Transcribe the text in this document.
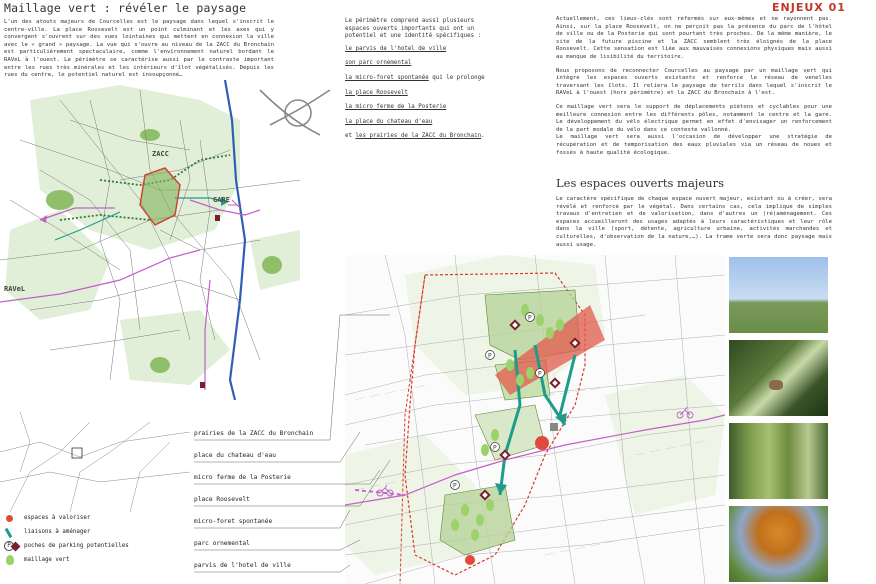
Maillage vert : révéler le paysage	ENJEUX 01
L'un des atouts majeurs de Courcelles est le paysage dans lequel s'inscrit le centre-ville. La place Roosevelt est un point culminant et les axes qui y convergent s'ouvrent sur des vues lointaines qui mettent en connexion la ville avec le « grand » paysage. La vue qui s'ouvre au niveau de la ZACC du Bronchain est particulièrement spectaculaire, comme l'environnement naturel bordant le RAVeL à l'ouest. Le périmètre se caractérise aussi par le contraste important entre les rues très minérales et les intérieurs d'îlot végétalisés. Depuis les rues du centre, le potentiel naturel est insoupçonné…
Le périmètre comprend aussi plusieurs espaces ouverts importants qui ont un potentiel et une identité spécifiques :
le parvis de l'hotel de ville
son parc ornemental
la micro-foret spontanée qui le prolonge
la place Roosevelt
la micro ferme de la Posterie
la place du chateau d'eau
et les prairies de la ZACC du Bronchain.

Actuellement, ces lieux-clés sont refermés sur eux-mêmes et ne rayonnent pas. Ainsi, sur la place Roosevelt, on ne perçoit pas la présence du parc de l'hôtel de ville ou de la Posterie qui sont pourtant très proches. De la même manière, le site de la future piscine et la ZACC semblent très éloignés de la place Roosevelt. Cette sensation est liée aux mauvaises connexions physiques mais aussi au manque de lisibilité du territoire.

Nous proposons de reconnecter Courcelles au paysage par un maillage vert qui intègre les espaces ouverts existants et renforce le réseau de venelles traversant les îlots. Il reliera le paysage de terrils dans lequel s'inscrit le RAVeL à l'ouest (hors périmètre) et la ZACC du Bronchain à l'est.

Ce maillage vert sera le support de déplacements piétons et cyclables pour une meilleure connexion entre les différents pôles, notamment le centre et la gare. Le développement du vélo électrique permet en effet d'envisager un renforcement de la part modale du vélo dans ce contexte vallonné.
Le maillage vert sera aussi l'occasion de développer une stratégie de récupération et de temporisation des eaux pluviales via un réseau de noues et fossés à haute qualité écologique.

Les espaces ouverts majeurs
Le caractère spécifique de chaque espace ouvert majeur, existant ou à créer, sera révélé et renforcé par le végétal. Dans certains cas, cela implique de simples travaux d'entretien et de valorisation, dans d'autres un (ré)aménagement. Ces espaces accueilleront des usages adaptés à leurs caractéristiques et leur rôle dans la ville (sport, détente, agriculture urbaine, activités marchandes et culturelles, d'observation de la nature,…). La trame verte sera donc paysage mais aussi usage.
ZACC
GARE
RAVeL
espaces à valoriser
liaisons à aménager
P	poches de parking potentielles
maillage vert
P
P
P
P
P
prairies de la ZACC du Bronchain
place du chateau d'eau
micro ferme de la Posterie
place Roosevelt
micro-foret spontanée
parc ornemental
parvis de l'hotel de ville
